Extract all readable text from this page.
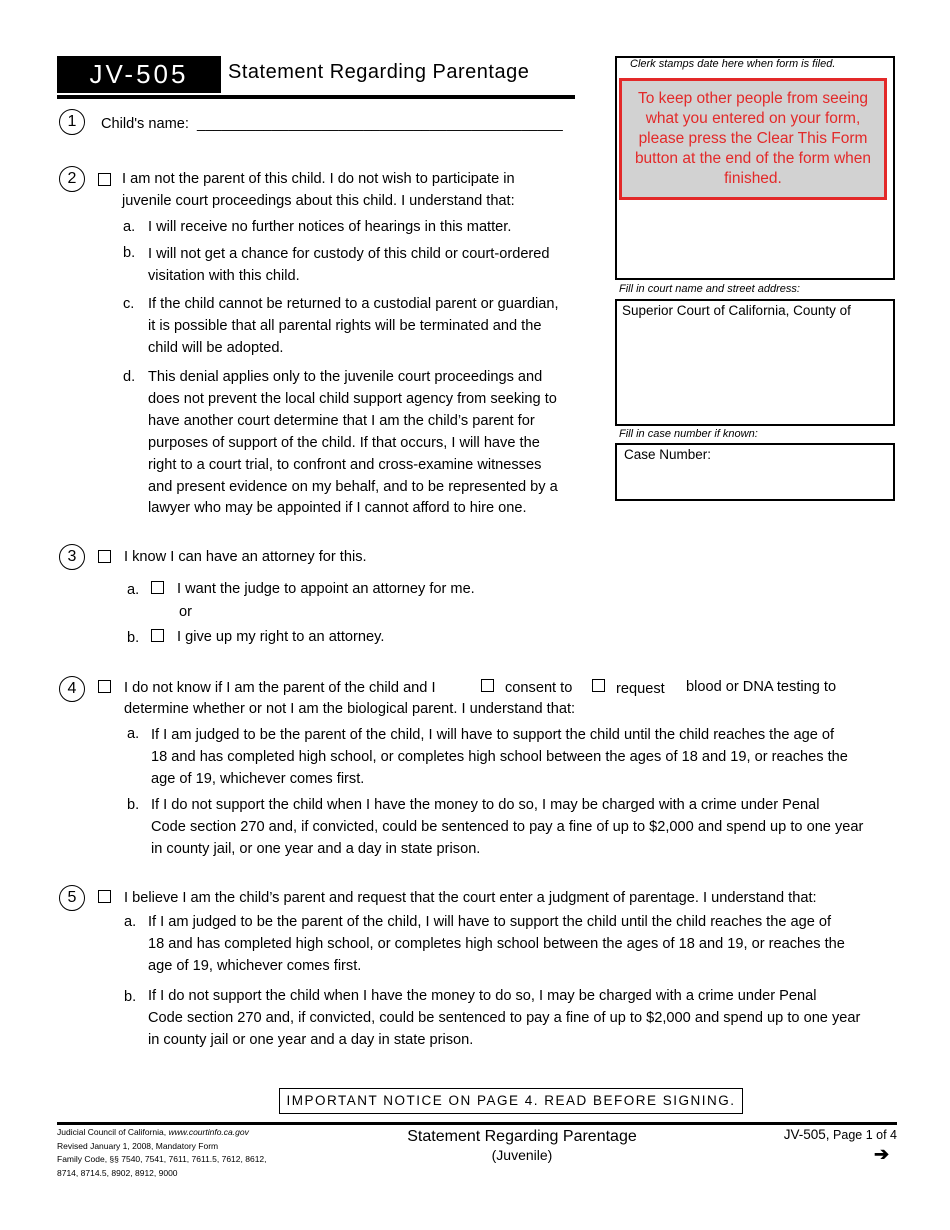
JV-505	Statement Regarding Parentage	Clerk stamps date here when form is filed.
To keep other people from seeing what you entered on your form, please press the Clear This Form button at the end of the form when finished.
Fill in court name and street address:
Superior Court of California, County of
Fill in case number if known:
Case Number:
1	Child's name: ____________________________________________
2	I am not the parent of this child. I do not wish to participate in
juvenile court proceedings about this child. I understand that:
a. I will receive no further notices of hearings in this matter.
b. I will not get a chance for custody of this child or court-ordered
visitation with this child.
c. If the child cannot be returned to a custodial parent or guardian,
it is possible that all parental rights will be terminated and the
child will be adopted.
d. This denial applies only to the juvenile court proceedings and
does not prevent the local child support agency from seeking to
have another court determine that I am the child’s parent for
purposes of support of the child. If that occurs, I will have the
right to a court trial, to confront and cross-examine witnesses
and present evidence on my behalf, and to be represented by a
lawyer who may be appointed if I cannot afford to hire one.
3	I know I can have an attorney for this.
a.	I want the judge to appoint an attorney for me.
or
b.	I give up my right to an attorney.
4	I do not know if I am the parent of the child and I	consent to	request blood or DNA testing to
determine whether or not I am the biological parent. I understand that:
a. If I am judged to be the parent of the child, I will have to support the child until the child reaches the age of
18 and has completed high school, or completes high school between the ages of 18 and 19, or reaches the
age of 19, whichever comes first.
b. If I do not support the child when I have the money to do so, I may be charged with a crime under Penal
Code section 270 and, if convicted, could be sentenced to pay a fine of up to $2,000 and spend up to one year
in county jail, or one year and a day in state prison.
5	I believe I am the child’s parent and request that the court enter a judgment of parentage. I understand that:
a. If I am judged to be the parent of the child, I will have to support the child until the child reaches the age of
18 and has completed high school, or completes high school between the ages of 18 and 19, or reaches the
age of 19, whichever comes first.
b. If I do not support the child when I have the money to do so, I may be charged with a crime under Penal
Code section 270 and, if convicted, could be sentenced to pay a fine of up to $2,000 and spend up to one year
in county jail or one year and a day in state prison.
IMPORTANT NOTICE ON PAGE 4. READ BEFORE SIGNING.
Judicial Council of California, www.courtinfo.ca.gov
Revised January 1, 2008, Mandatory Form
Family Code, §§ 7540, 7541, 7611, 7611.5, 7612, 8612,
8714, 8714.5, 8902, 8912, 9000
Statement Regarding Parentage
(Juvenile)
JV-505, Page 1 of 4
➔
